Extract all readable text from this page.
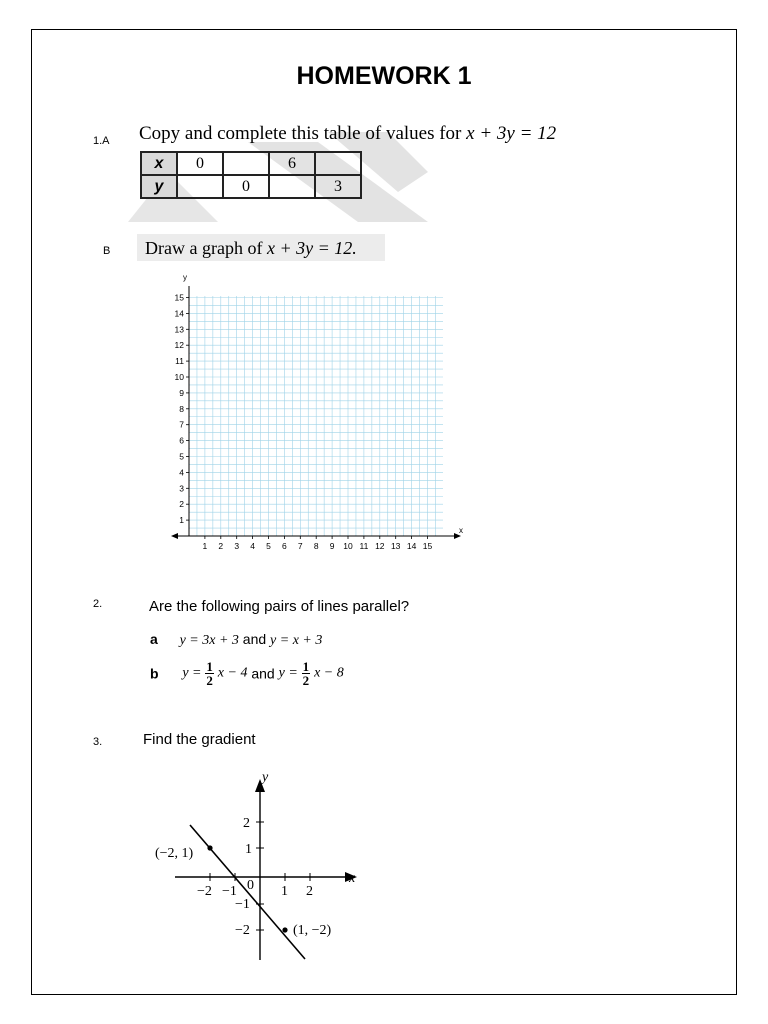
HOMEWORK 1
1.A Copy and complete this table of values for x + 3y = 12
x	0		6	
y		0		3
B Draw a graph of x + 3y = 12.
y
x
1
2
3
4
5
6
7
8
9
10
11
12
13
14
15
1 2 3 4 5 6 7 8 9 10 11 12 13 14 15
2.	Are the following pairs of lines parallel?
a y = 3x + 3 and y = x + 3
b $y = \frac{1}{2}$ x − 4 and $y = \frac{1}{2}$ x − 8
3.	Find the gradient
y
x
−2 −1	1 2
0
2
1
−1
−2
(−2, 1)
(1, −2)
